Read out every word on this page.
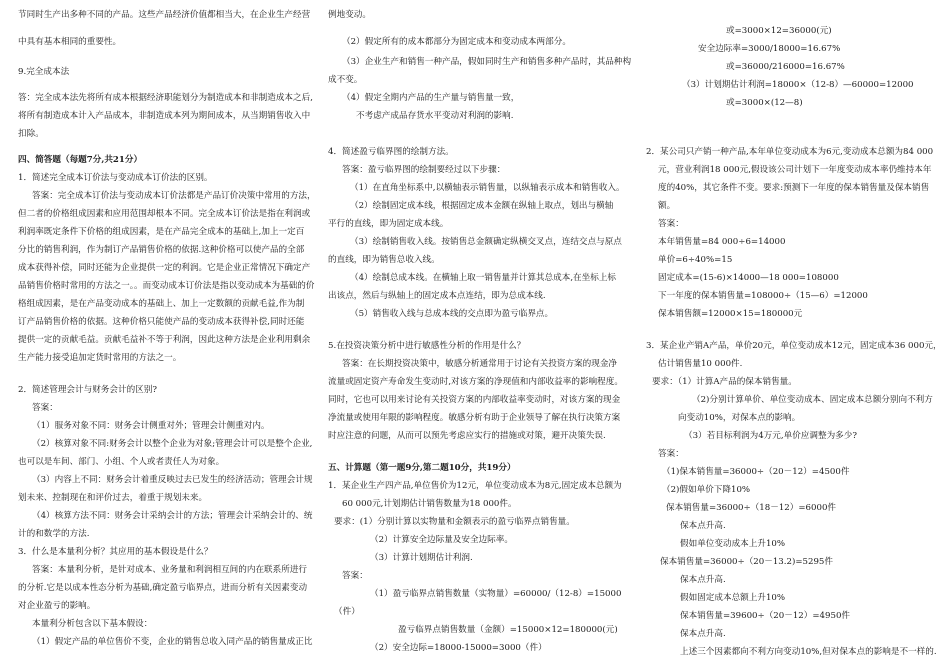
节同时生产出多种不同的产品。这些产品经济价值都相当大，在企业生产经营
中具有基本相同的重要性。
9.完全成本法
答：完全成本法先将所有成本根据经济职能划分为制造成本和非制造成本之后,
将所有制造成本计入产品成本，非制造成本列为期间成本，从当期销售收入中
扣除。
四、简答题（每题7分,共21分）
1．简述完全成本订价法与变动成本订价法的区别。
答案：完全成本订价法与变动成本订价法都是产品订价决策中常用的方法，
但二者的价格组成因素和应用范围却根本不同。完全成本订价法是指在利润或
利润率既定条件下价格的组成因素，是在产品完全成本的基础上,加上一定百
分比的销售利润，作为制订产品销售价格的依据.这种价格可以使产品的全部
成本获得补偿，同时还能为企业提供一定的利润。它是企业正常情况下确定产
品销售价格时常用的方法之一。。而变动成本订价法是指以变动成本为基础的价
格组成因素，是在产品变动成本的基础上、加上一定数额的贡献毛益,作为制
订产品销售价格的依据。这种价格只能使产品的变动成本获得补偿,同时还能
提供一定的贡献毛益。贡献毛益补不等于利润，因此这种方法是企业利用剩余
生产能力接受追加定货时常用的方法之一。
2．简述管理会计与财务会计的区别?
答案：
（1）服务对象不同：财务会计侧重对外；管理会计侧重对内。
（2）核算对象不同:财务会计以整个企业为对象;管理会计可以是整个企业,
也可以是车间、部门、小组、个人或者责任人为对象。
（3）内容上不同：财务会计着重反映过去已发生的经济活动；管理会计规
划未来、控制现在和评价过去，着重于规划未来。
（4）核算方法不同：财务会计采纳会计的方法；管理会计采纳会计的、统
计的和数学的方法.
3．什么是本量利分析？其应用的基本假设是什么？
答案：本量利分析，是针对成本、业务量和利润相互间的内在联系所进行
的分析.它是以成本性态分析为基础,确定盈亏临界点，进而分析有关因素变动
对企业盈亏的影响。
本量利分析包含以下基本假设：
（1）假定产品的单位售价不变，企业的销售总收入同产品的销售量成正比
例地变动。
（2）假定所有的成本都部分为固定成本和变动成本两部分。
（3）企业生产和销售一种产品，假如同时生产和销售多种产品时，其品种构
成不变。
（4）假定全期内产品的生产量与销售量一致，
不考虑产成品存货水平变动对利润的影响.
4．简述盈亏临界图的绘制方法。
答案：盈亏临界图的绘制要经过以下步骤：
（1）在直角坐标系中,以横轴表示销售量，以纵轴表示成本和销售收入。
（2）绘制固定成本线，根据固定成本金额在纵轴上取点，划出与横轴
平行的直线，即为固定成本线。
（3）绘制销售收入线。按销售总金额确定纵横交叉点，连结交点与原点
的直线，即为销售总收入线。
（4）绘制总成本线。在横轴上取一销售量并计算其总成本,在坐标上标
出该点，然后与纵轴上的固定成本点连结，即为总成本线.
（5）销售收入线与总成本线的交点即为盈亏临界点。
5.在投资决策分析中进行敏感性分析的作用是什么？
答案：在长期投资决策中，敏感分析通常用于讨论有关投资方案的现金净
流量或固定资产寿命发生变动时,对该方案的净现值和内部收益率的影响程度。
同时，它也可以用来讨论有关投资方案的内部收益率变动时，对该方案的现金
净流量或使用年限的影响程度。敏感分析有助于企业领导了解在执行决策方案
时应注意的问题，从而可以预先考虑应实行的措施或对策，避开决策失误.
五、计算题（第一题9分,第二题10分，共19分）
1．某企业生产四产品,单位售价为12元，单位变动成本为8元,固定成本总额为
60 000元,计划期估计销售数量为18 000件。
要求：(1）分别计算以实物量和金额表示的盈亏临界点销售量。
（2）计算安全边际量及安全边际率。
（3）计算计划期估计利润.
答案：
（1）盈亏临界点销售数量（实物量）=60000/（12-8）=15000
（件）
盈亏临界点销售数量（金额）=15000×12=180000(元)
（2）安全边际=18000-15000=3000（件）
或=3000×12=36000(元)
安全边际率=3000/18000=16.67%
或=36000/216000=16.67%
（3）计划期估计利润=18000×（12-8）—60000=12000
或=3000×(12—8)
2．某公司只产销一种产品,本年单位变动成本为6元,变动成本总额为84 000
元，营业利润18 000元,假设该公司计划下一年度变动成本率仍维持本年
度的40%，其它条件不变。要求:预测下一年度的保本销售量及保本销售
额。
答案：
本年销售量=84 000÷6=14000
单价=6÷40%=15
固定成本=(15-6)×14000—18 000=108000
下一年度的保本销售量=108000÷（15—6）=12000
保本销售额=12000×15=180000元
3．某企业产销A产品，单价20元，单位变动成本12元，固定成本36 000元，
估计销售量10 000件.
要求：（1）计算A产品的保本销售量。
（2)分别计算单价、单位变动成本、固定成本总额分别向不利方
向变动10%，对保本点的影响。
（3）若目标利润为4万元,单价应调整为多少?
答案：
（1)保本销售量=36000÷（20－12）=4500件
（2)假如单价下降10%
保本销售量=36000÷（18－12）=6000件
保本点升高.
假如单位变动成本上升10%
保本销售量=36000÷（20－13.2)=5295件
保本点升高.
假如固定成本总额上升10%
保本销售量=39600÷（20－12）=4950件
保本点升高.
上述三个因素都向不利方向变动10%,但对保本点的影响是不一样的.
